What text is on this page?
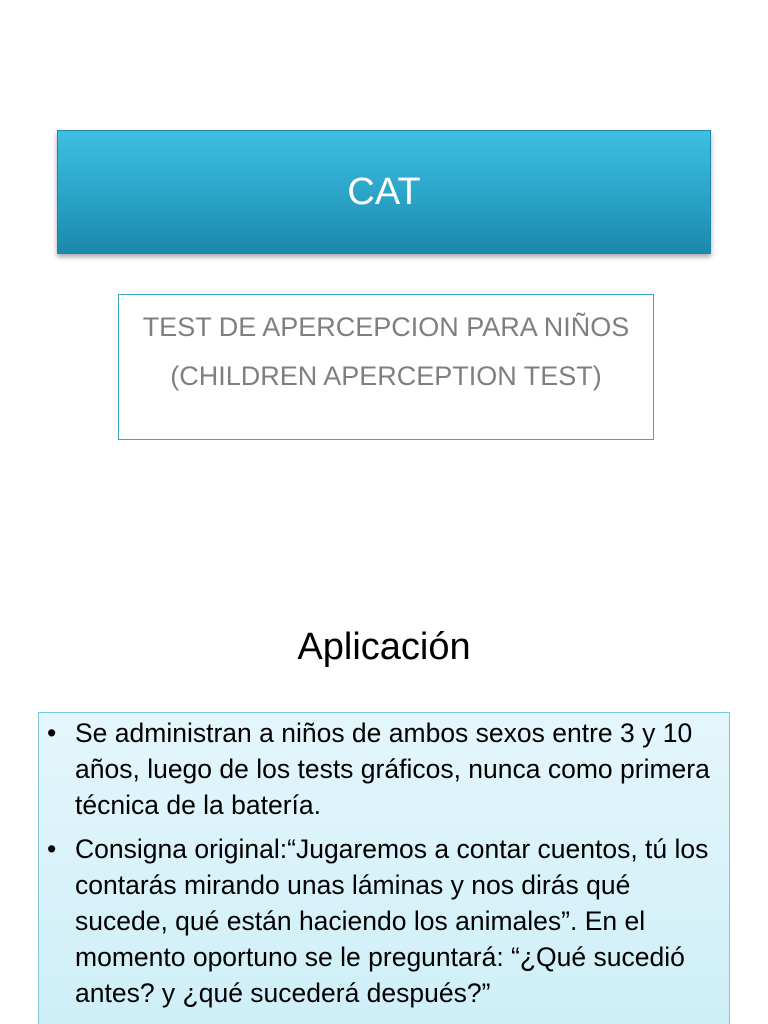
CAT
TEST DE APERCEPCION PARA NIÑOS
(CHILDREN APERCEPTION TEST)
Aplicación
• Se administran a niños de ambos sexos entre 3 y 10 años, luego de los tests gráficos, nunca como primera técnica de la batería.
• Consigna original:“Jugaremos a contar cuentos, tú los contarás mirando unas láminas y nos dirás qué sucede, qué están haciendo los animales”. En el momento oportuno se le preguntará: “¿Qué sucedió antes? y ¿qué sucederá después?”
